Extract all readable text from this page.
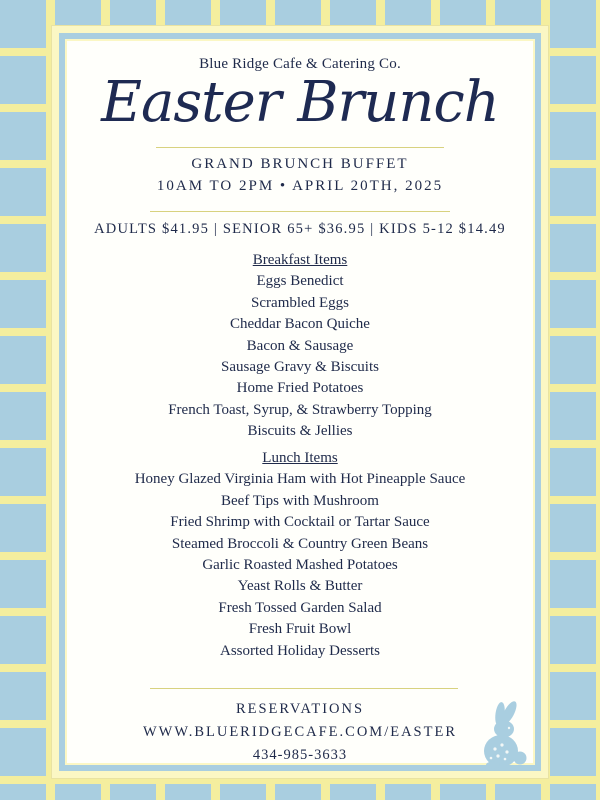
Blue Ridge Cafe & Catering Co.
Easter Brunch
GRAND BRUNCH BUFFET
10AM TO 2PM • APRIL 20TH, 2025
ADULTS $41.95 | SENIOR 65+ $36.95 | KIDS 5-12 $14.49
Breakfast Items
Eggs Benedict
Scrambled Eggs
Cheddar Bacon Quiche
Bacon & Sausage
Sausage Gravy & Biscuits
Home Fried Potatoes
French Toast, Syrup, & Strawberry Topping
Biscuits & Jellies
Lunch Items
Honey Glazed Virginia Ham with Hot Pineapple Sauce
Beef Tips with Mushroom
Fried Shrimp with Cocktail or Tartar Sauce
Steamed Broccoli & Country Green Beans
Garlic Roasted Mashed Potatoes
Yeast Rolls & Butter
Fresh Tossed Garden Salad
Fresh Fruit Bowl
Assorted Holiday Desserts
RESERVATIONS
WWW.BLUERIDGECAFE.COM/EASTER
434-985-3633
